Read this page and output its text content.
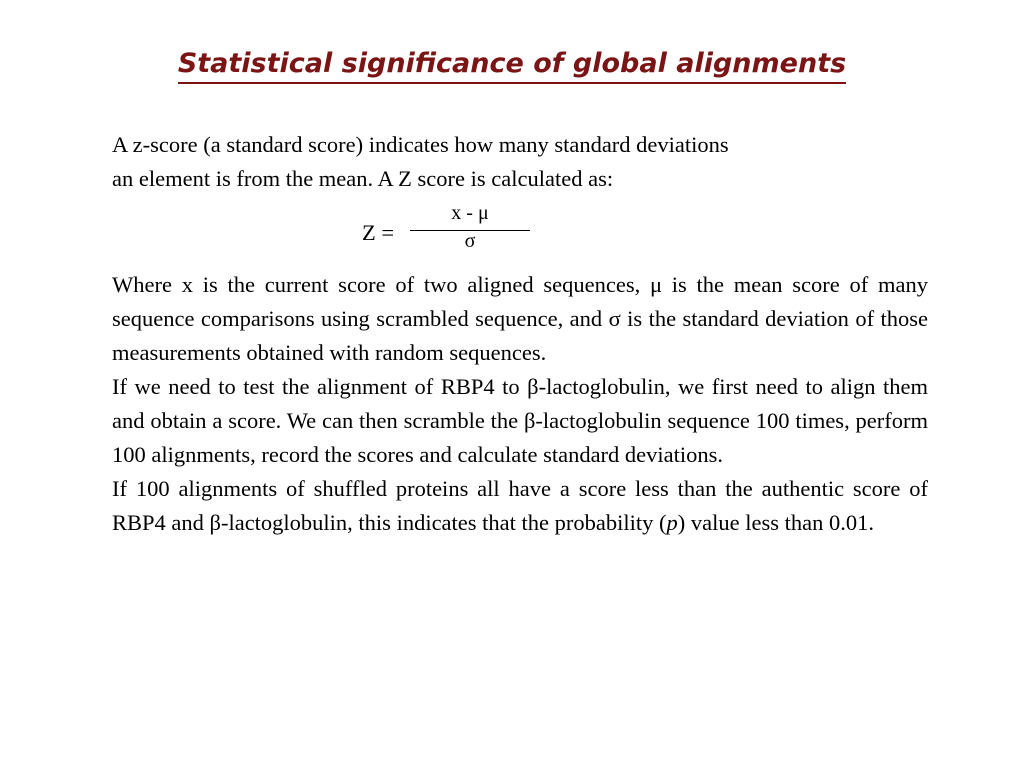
Statistical significance of global alignments
A z-score (a standard score) indicates how many standard deviations
an element is from the mean. A Z score is calculated as:
Z =
x - μ
σ

Where x is the current score of two aligned sequences, μ is the mean score of many sequence comparisons using scrambled sequence, and σ is the standard deviation of those measurements obtained with random sequences.

If we need to test the alignment of RBP4 to β-lactoglobulin, we first need to align them and obtain a score. We can then scramble the β-lactoglobulin sequence 100 times, perform 100 alignments, record the scores and calculate standard deviations.

If 100 alignments of shuffled proteins all have a score less than the authentic score of RBP4 and β-lactoglobulin, this indicates that the probability (p) value less than 0.01.
